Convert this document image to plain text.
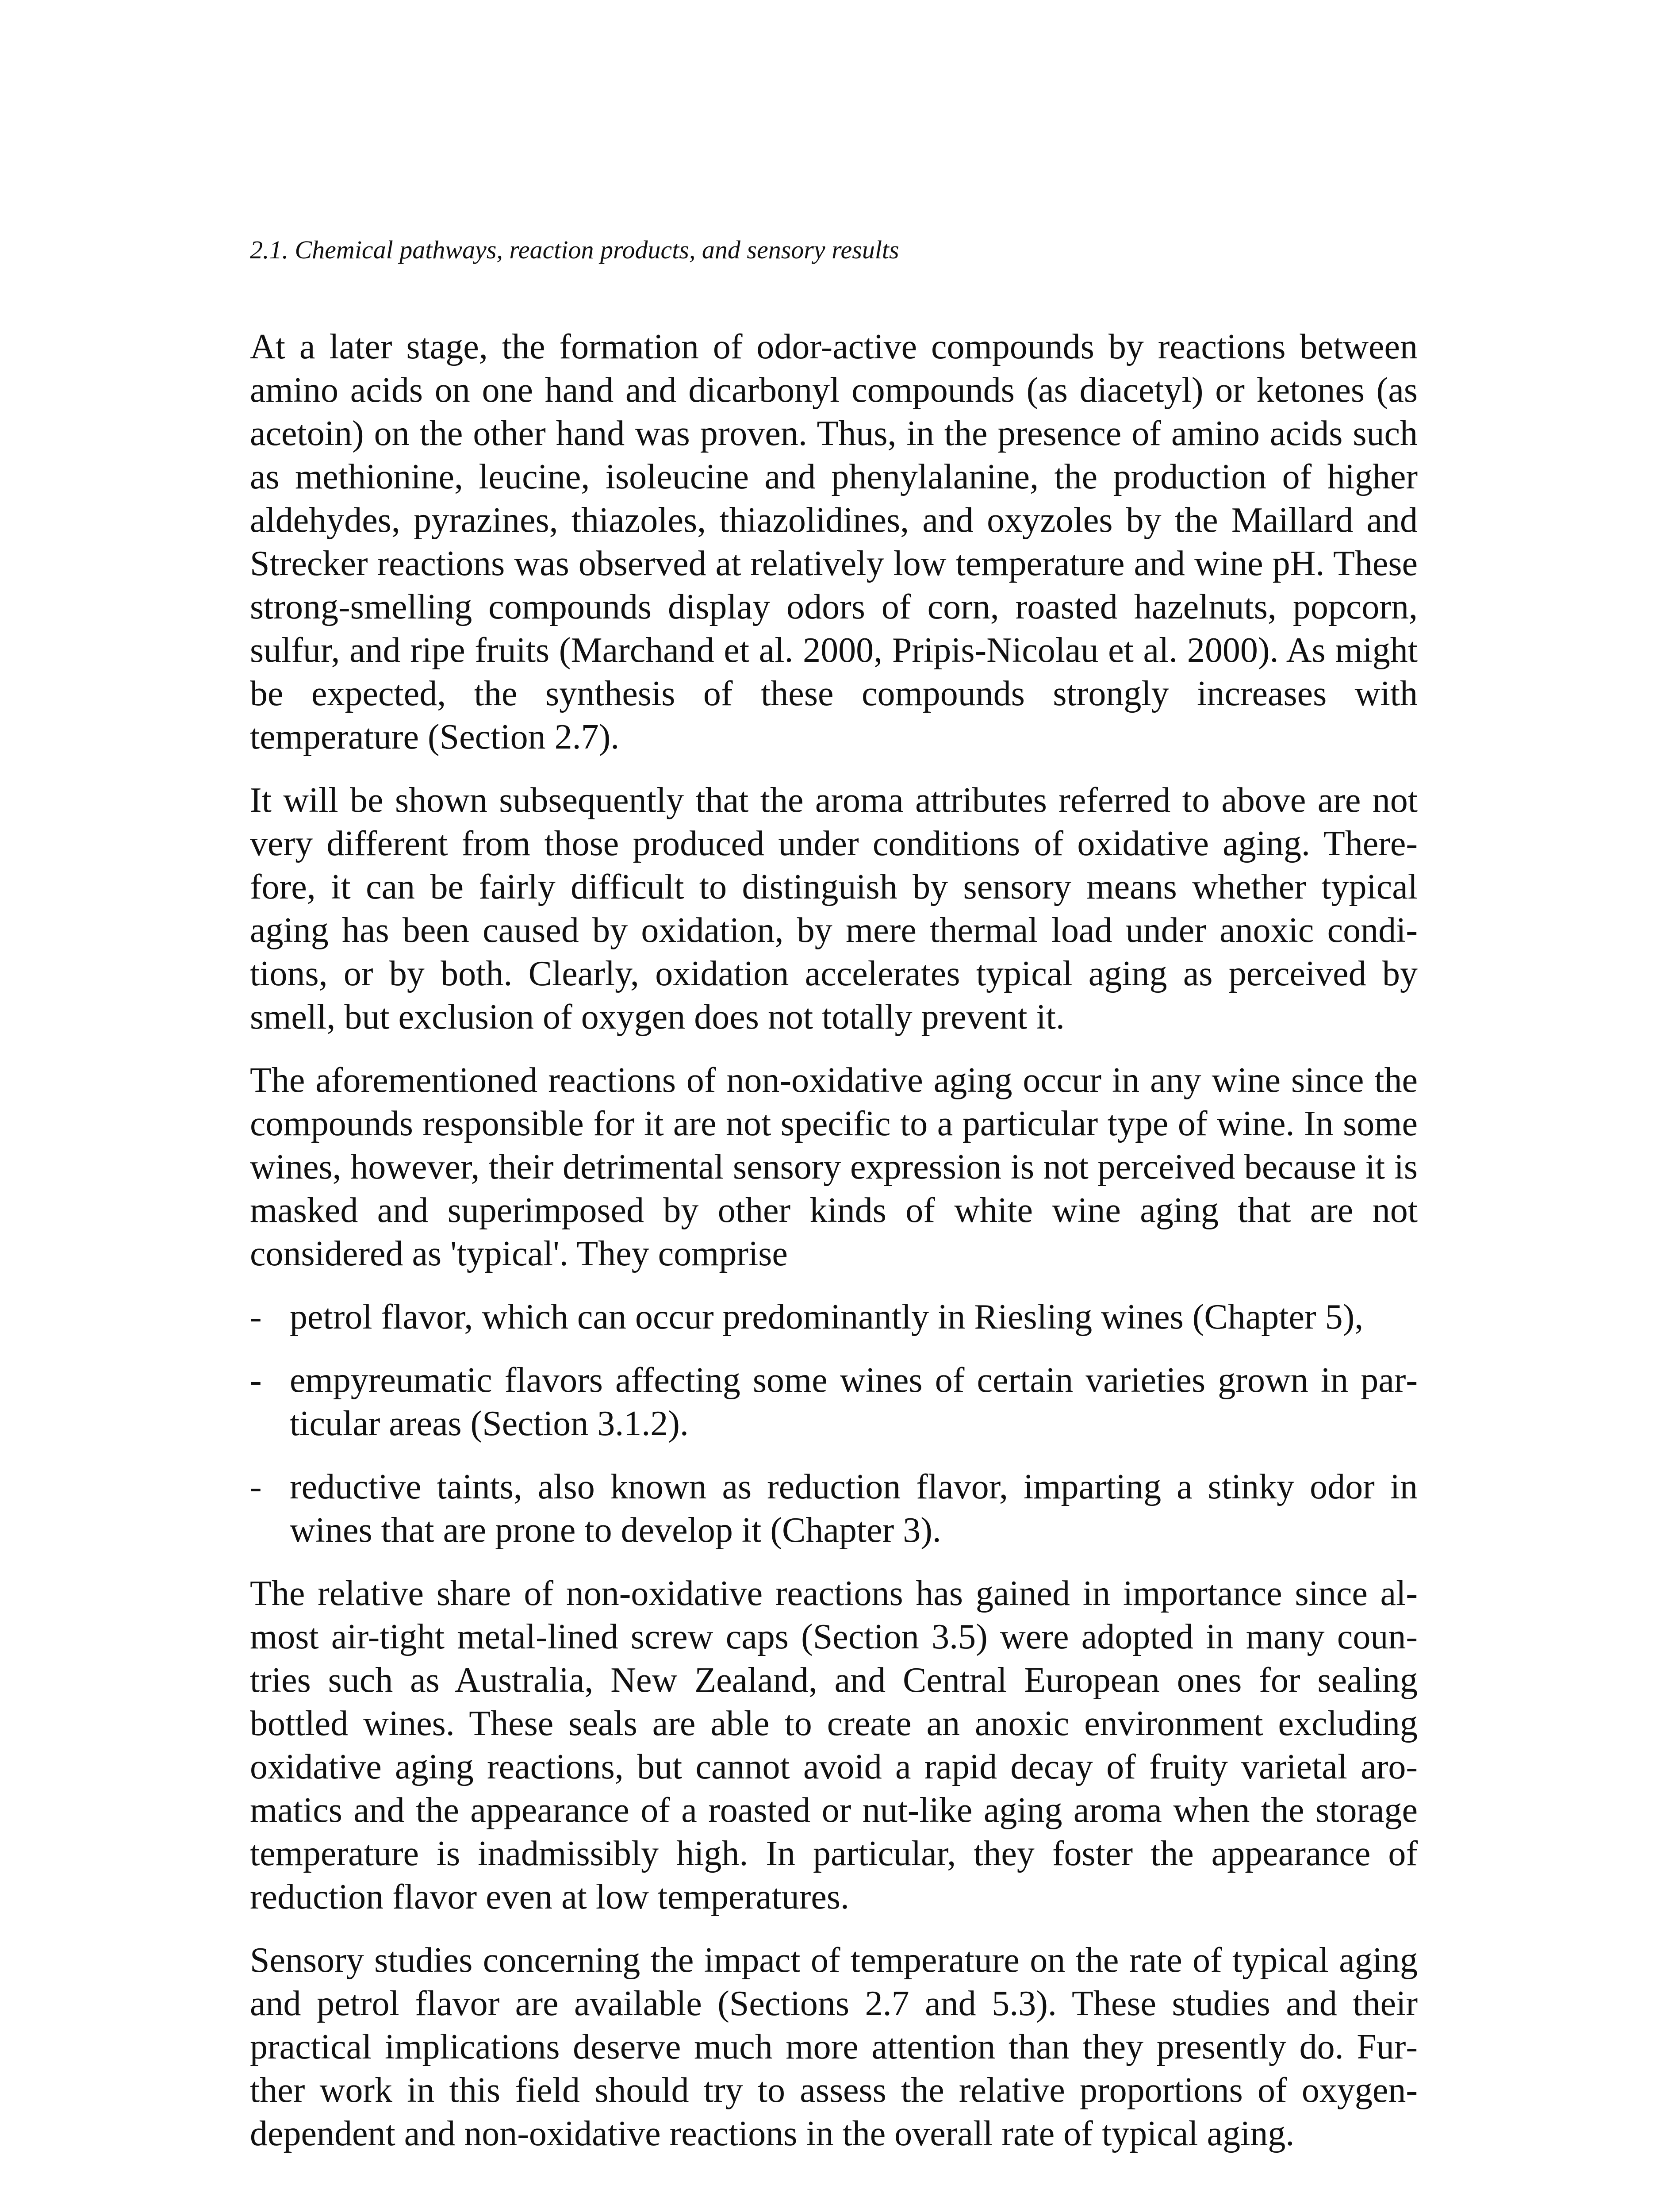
2.1. Chemical pathways, reaction products, and sensory results

At a later stage, the formation of odor-active compounds by reactions between amino acids on one hand and dicarbonyl compounds (as diacetyl) or ketones (as acetoin) on the other hand was proven. Thus, in the presence of amino acids such as methionine, leucine, isoleucine and phenylalanine, the production of higher aldehydes, pyrazines, thiazoles, thiazolidines, and oxyzoles by the Maillard and Strecker reactions was observed at relatively low temperature and wine pH. These strong-smelling compounds display odors of corn, roasted hazelnuts, popcorn, sulfur, and ripe fruits (Marchand et al. 2000, Pripis-Nicolau et al. 2000). As might be expected, the synthesis of these compounds strongly increases with temperature (Section 2.7).

It will be shown subsequently that the aroma attributes referred to above are not very different from those produced under conditions of oxidative aging. Therefore, it can be fairly difficult to distinguish by sensory means whether typical aging has been caused by oxidation, by mere thermal load under anoxic conditions, or by both. Clearly, oxidation accelerates typical aging as perceived by smell, but exclusion of oxygen does not totally prevent it.

The aforementioned reactions of non-oxidative aging occur in any wine since the compounds responsible for it are not specific to a particular type of wine. In some wines, however, their detrimental sensory expression is not perceived because it is masked and superimposed by other kinds of white wine aging that are not considered as 'typical'. They comprise

- petrol flavor, which can occur predominantly in Riesling wines (Chapter 5),
- empyreumatic flavors affecting some wines of certain varieties grown in particular areas (Section 3.1.2).
- reductive taints, also known as reduction flavor, imparting a stinky odor in wines that are prone to develop it (Chapter 3).

The relative share of non-oxidative reactions has gained in importance since almost air-tight metal-lined screw caps (Section 3.5) were adopted in many countries such as Australia, New Zealand, and Central European ones for sealing bottled wines. These seals are able to create an anoxic environment excluding oxidative aging reactions, but cannot avoid a rapid decay of fruity varietal aromatics and the appearance of a roasted or nut-like aging aroma when the storage temperature is inadmissibly high. In particular, they foster the appearance of reduction flavor even at low temperatures.

Sensory studies concerning the impact of temperature on the rate of typical aging and petrol flavor are available (Sections 2.7 and 5.3). These studies and their practical implications deserve much more attention than they presently do. Further work in this field should try to assess the relative proportions of oxygen-dependent and non-oxidative reactions in the overall rate of typical aging.
